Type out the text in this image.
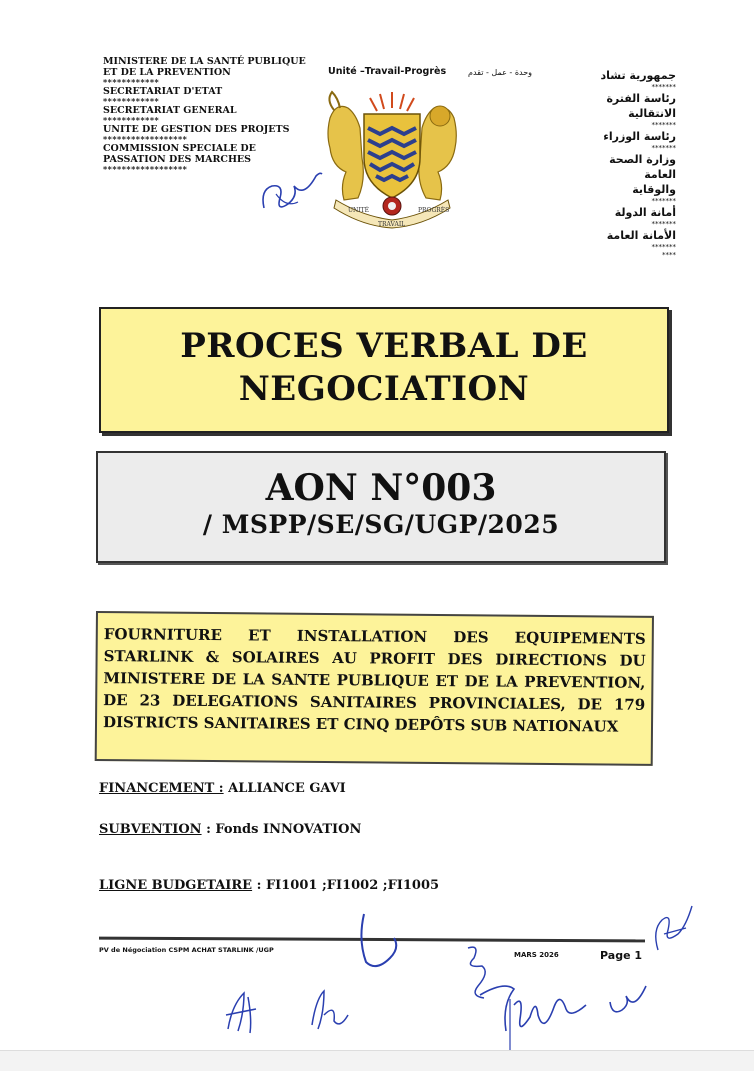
MINISTERE DE LA SANTÉ PUBLIQUE
ET DE LA PREVENTION
************
SECRETARIAT D'ETAT
************
SECRETARIAT GENERAL
************
UNITE DE GESTION DES PROJETS
******************
COMMISSION SPECIALE DE
PASSATION DES MARCHES
******************
Unité –Travail-Progrès	وحدة - عمل - تقدم	جمهورية تشاد
*******
رئاسة الفترة
الانتقالية
*******
رئاسة الوزراء
*******
وزارة الصحة
العامة
والوقاية
*******
أمانة الدولة
*******
الأمانة العامة
*******
****
UNITÉ	PROGRÈS
TRAVAIL
PROCES VERBAL DE
NEGOCIATION
AON N°003
/ MSPP/SE/SG/UGP/2025
FOURNITURE ET INSTALLATION DES EQUIPEMENTS STARLINK & SOLAIRES AU PROFIT DES DIRECTIONS DU MINISTERE DE LA SANTE PUBLIQUE ET DE LA PREVENTION, DE 23 DELEGATIONS SANITAIRES PROVINCIALES, DE 179 DISTRICTS SANITAIRES ET CINQ DEPÔTS SUB NATIONAUX
FINANCEMENT : ALLIANCE GAVI
SUBVENTION : Fonds INNOVATION
LIGNE BUDGETAIRE : FI1001 ;FI1002 ;FI1005
PV de Négociation CSPM ACHAT STARLINK /UGP
MARS 2026	Page 1
